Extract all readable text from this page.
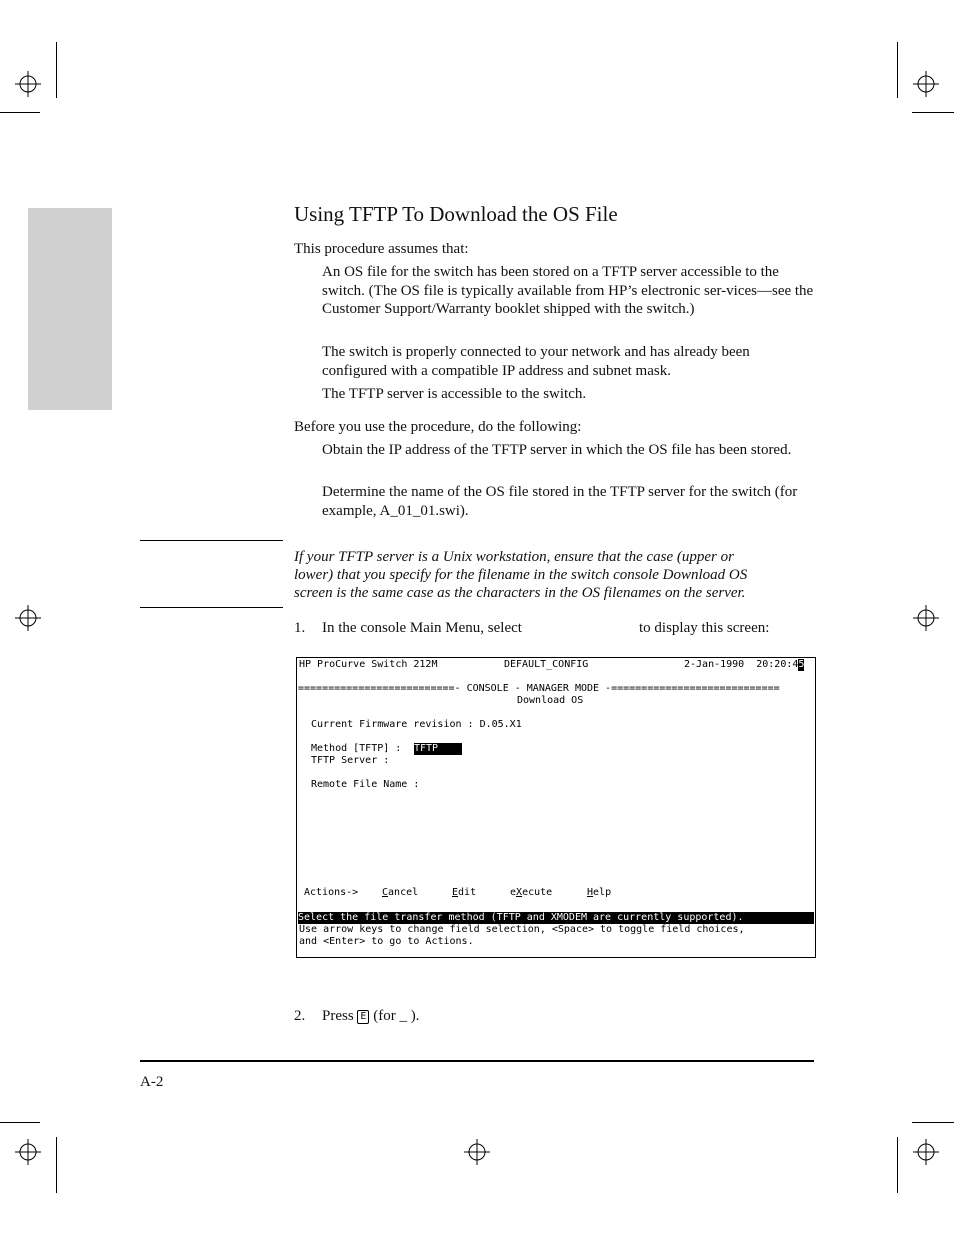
Using TFTP To Download the OS File
This procedure assumes that:
An OS file for the switch has been stored on a TFTP server accessible to the switch. (The OS file is typically available from HP’s electronic ser-vices—see the Customer Support/Warranty booklet shipped with the switch.)
The switch is properly connected to your network and has already been configured with a compatible IP address and subnet mask.
The TFTP server is accessible to the switch.
Before you use the procedure, do the following:
Obtain the IP address of the TFTP server in which the OS file has been stored.
Determine the name of the OS file stored in the TFTP server for the switch (for example, A_01_01.swi).
If your TFTP server is a Unix workstation, ensure that the case (upper or
lower) that you specify for the filename in the switch console Download OS
screen is the same case as the characters in the OS filenames on the server.
1. In the console Main Menu, select	to display this screen:
HP ProCurve Switch 212M	DEFAULT_CONFIG	2-Jan-1990  20:20:45
==========================- CONSOLE - MANAGER MODE -============================
Download OS
Current Firmware revision : D.05.X1
Method [TFTP] : TFTP
TFTP Server :
Remote File Name :
Actions-> Cancel	Edit	eXecute	Help
Select the file transfer method (TFTP and XMODEM are currently supported).
Use arrow keys to change field selection, <Space> to toggle field choices,
and <Enter> to go to Actions.
2. Press E (for _ ).
A-2
